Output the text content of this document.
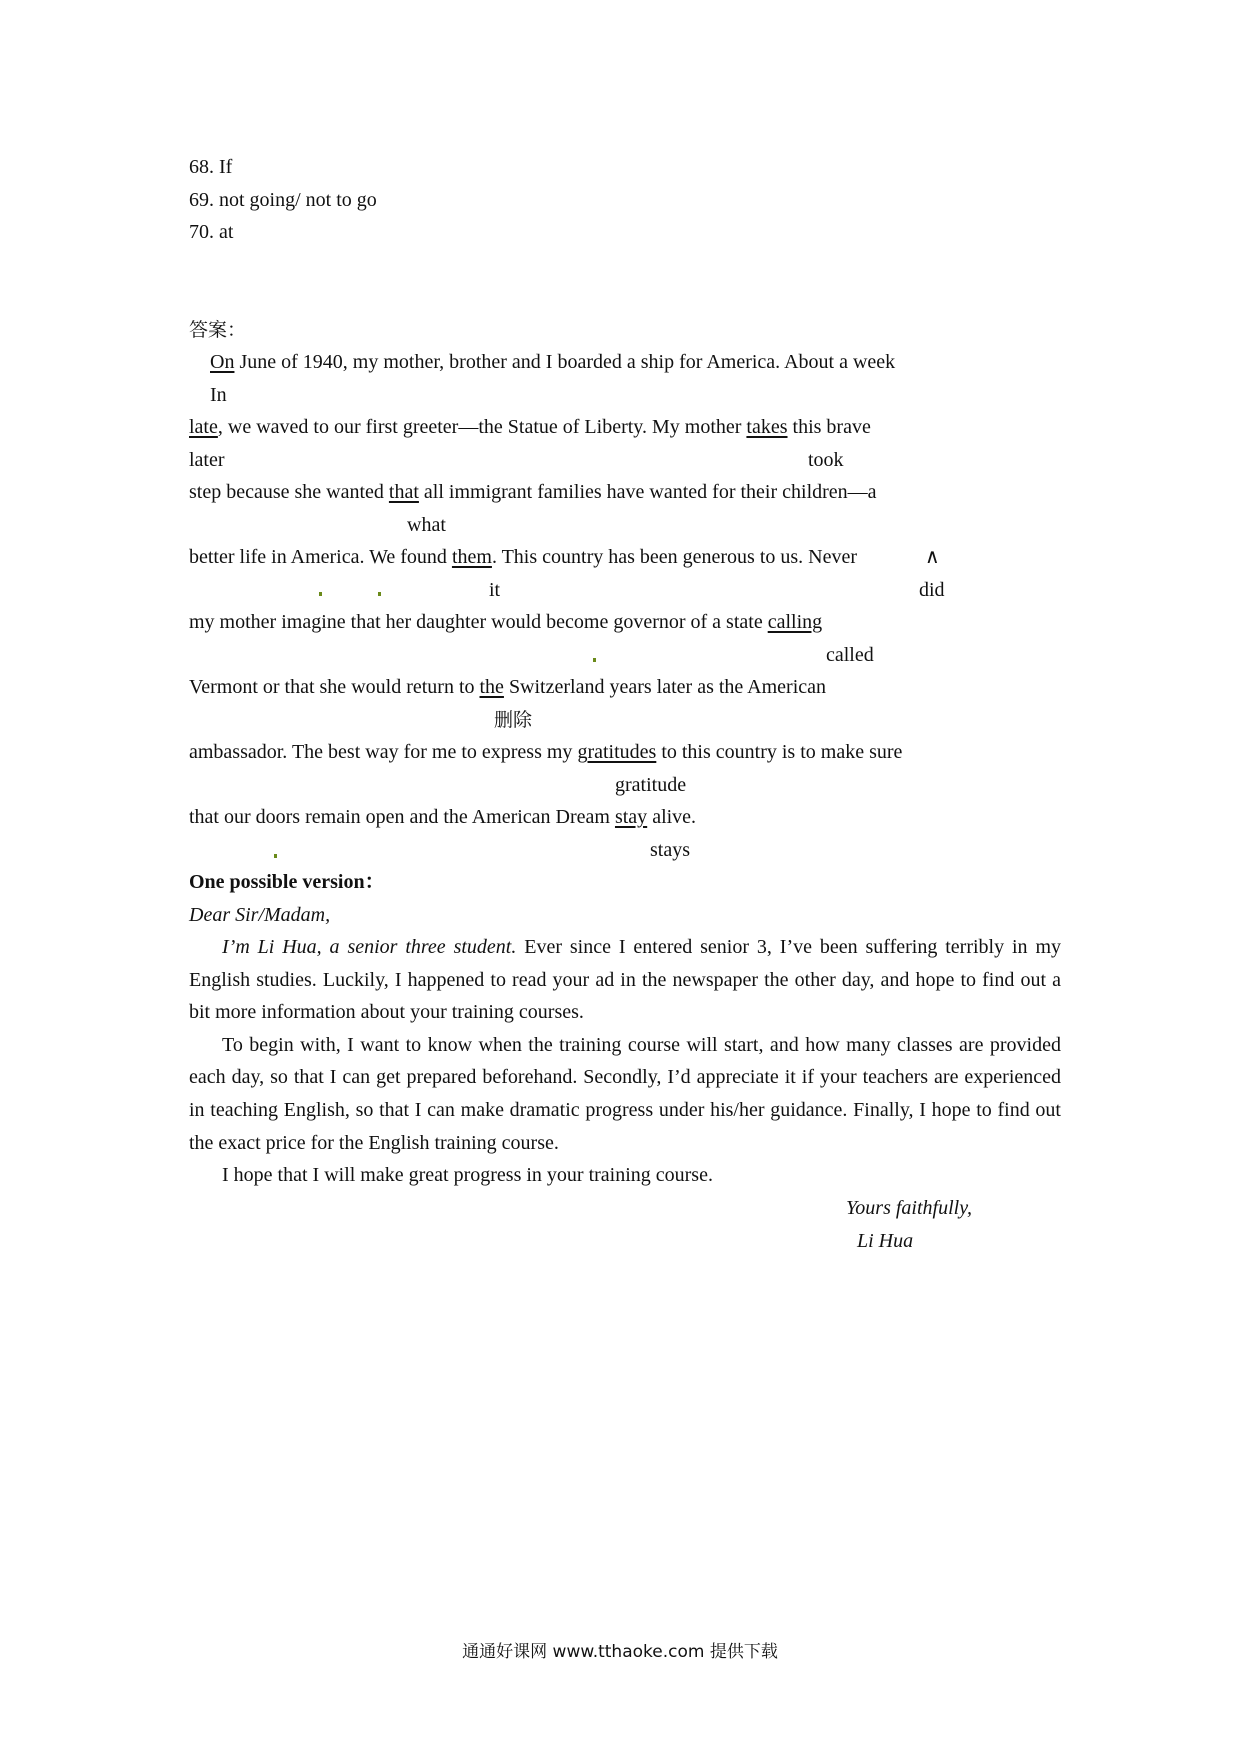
68. If
69. not going/ not to go
70. at
答案：
On June of 1940, my mother, brother and I boarded a ship for America. About a week
In
late, we waved to our first greeter—the Statue of Liberty. My mother takes this brave
later	took
step because she wanted that all immigrant families have wanted for their children—a
what
better life in America. We found them. This country has been generous to us. Never	∧
it	did
my mother imagine that her daughter would become governor of a state calling
called
Vermont or that she would return to the Switzerland years later as the American
删除
ambassador. The best way for me to express my gratitudes to this country is to make sure
gratitude
that our doors remain open and the American Dream stay alive.
stays
One possible version：
Dear Sir/Madam,

I’m Li Hua, a senior three student. Ever since I entered senior 3, I’ve been suffering terribly in my English studies. Luckily, I happened to read your ad in the newspaper the other day, and hope to find out a bit more information about your training courses.

To begin with, I want to know when the training course will start, and how many classes are provided each day, so that I can get prepared beforehand. Secondly, I’d appreciate it if your teachers are experienced in teaching English, so that I can make dramatic progress under his/her guidance. Finally, I hope to find out the exact price for the English training course.

I hope that I will make great progress in your training course.

Yours faithfully,
Li Hua
通通好课网 www.tthaoke.com 提供下载
